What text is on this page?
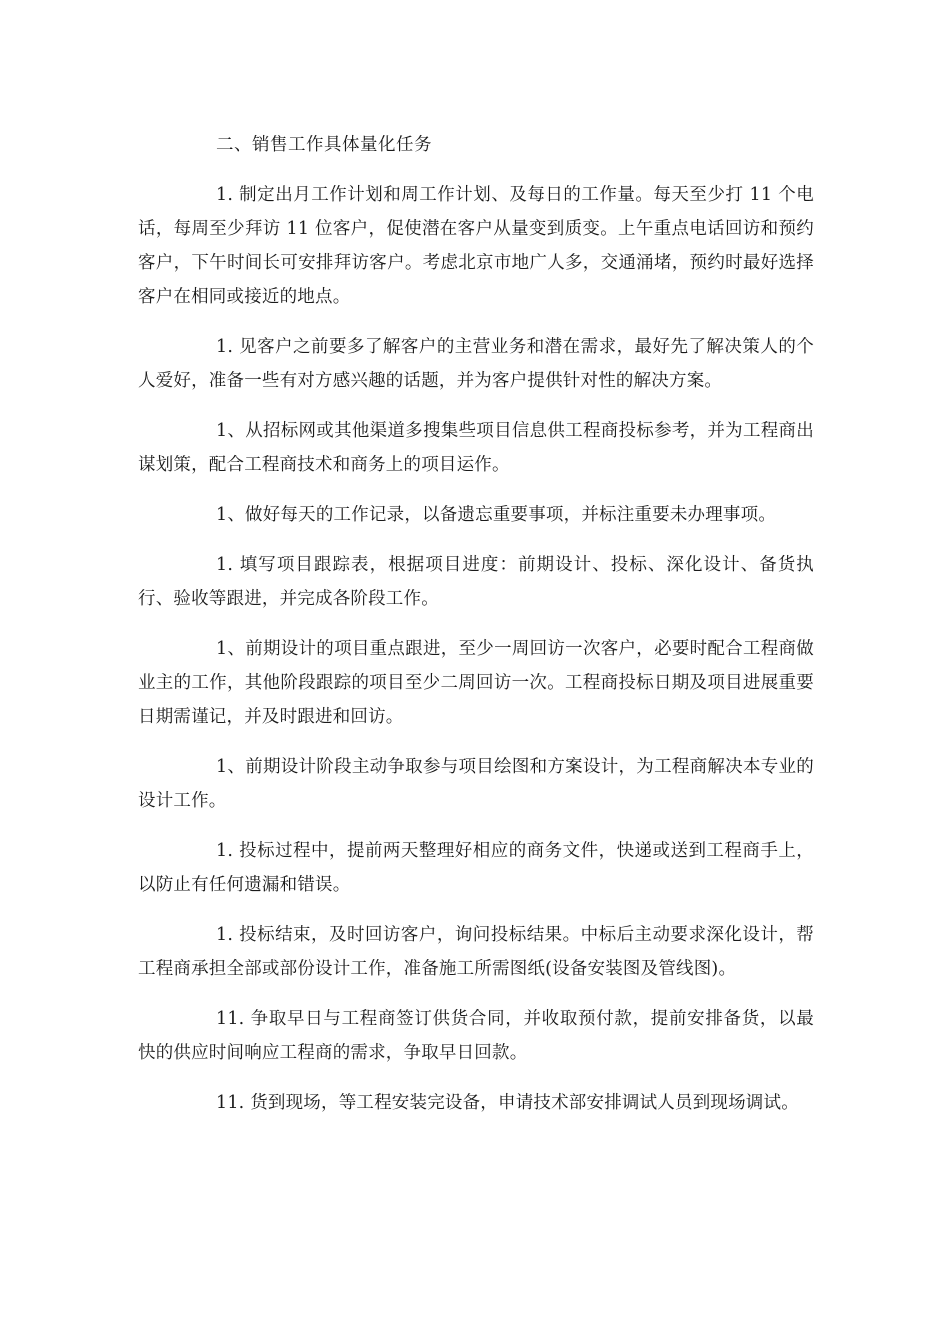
二、销售工作具体量化任务

1. 制定出月工作计划和周工作计划、及每日的工作量。每天至少打 11 个电话，每周至少拜访 11 位客户，促使潜在客户从量变到质变。上午重点电话回访和预约客户，下午时间长可安排拜访客户。考虑北京市地广人多，交通涌堵，预约时最好选择客户在相同或接近的地点。

1. 见客户之前要多了解客户的主营业务和潜在需求，最好先了解决策人的个人爱好，准备一些有对方感兴趣的话题，并为客户提供针对性的解决方案。

1、从招标网或其他渠道多搜集些项目信息供工程商投标参考，并为工程商出谋划策，配合工程商技术和商务上的项目运作。

1、做好每天的工作记录，以备遗忘重要事项，并标注重要未办理事项。

1. 填写项目跟踪表，根据项目进度：前期设计、投标、深化设计、备货执行、验收等跟进，并完成各阶段工作。

1、前期设计的项目重点跟进，至少一周回访一次客户，必要时配合工程商做业主的工作，其他阶段跟踪的项目至少二周回访一次。工程商投标日期及项目进展重要日期需谨记，并及时跟进和回访。

1、前期设计阶段主动争取参与项目绘图和方案设计，为工程商解决本专业的设计工作。

1. 投标过程中，提前两天整理好相应的商务文件，快递或送到工程商手上，以防止有任何遗漏和错误。

1. 投标结束，及时回访客户，询问投标结果。中标后主动要求深化设计，帮工程商承担全部或部份设计工作，准备施工所需图纸(设备安装图及管线图)。

11. 争取早日与工程商签订供货合同，并收取预付款，提前安排备货，以最快的供应时间响应工程商的需求，争取早日回款。

11. 货到现场，等工程安装完设备，申请技术部安排调试人员到现场调试。
